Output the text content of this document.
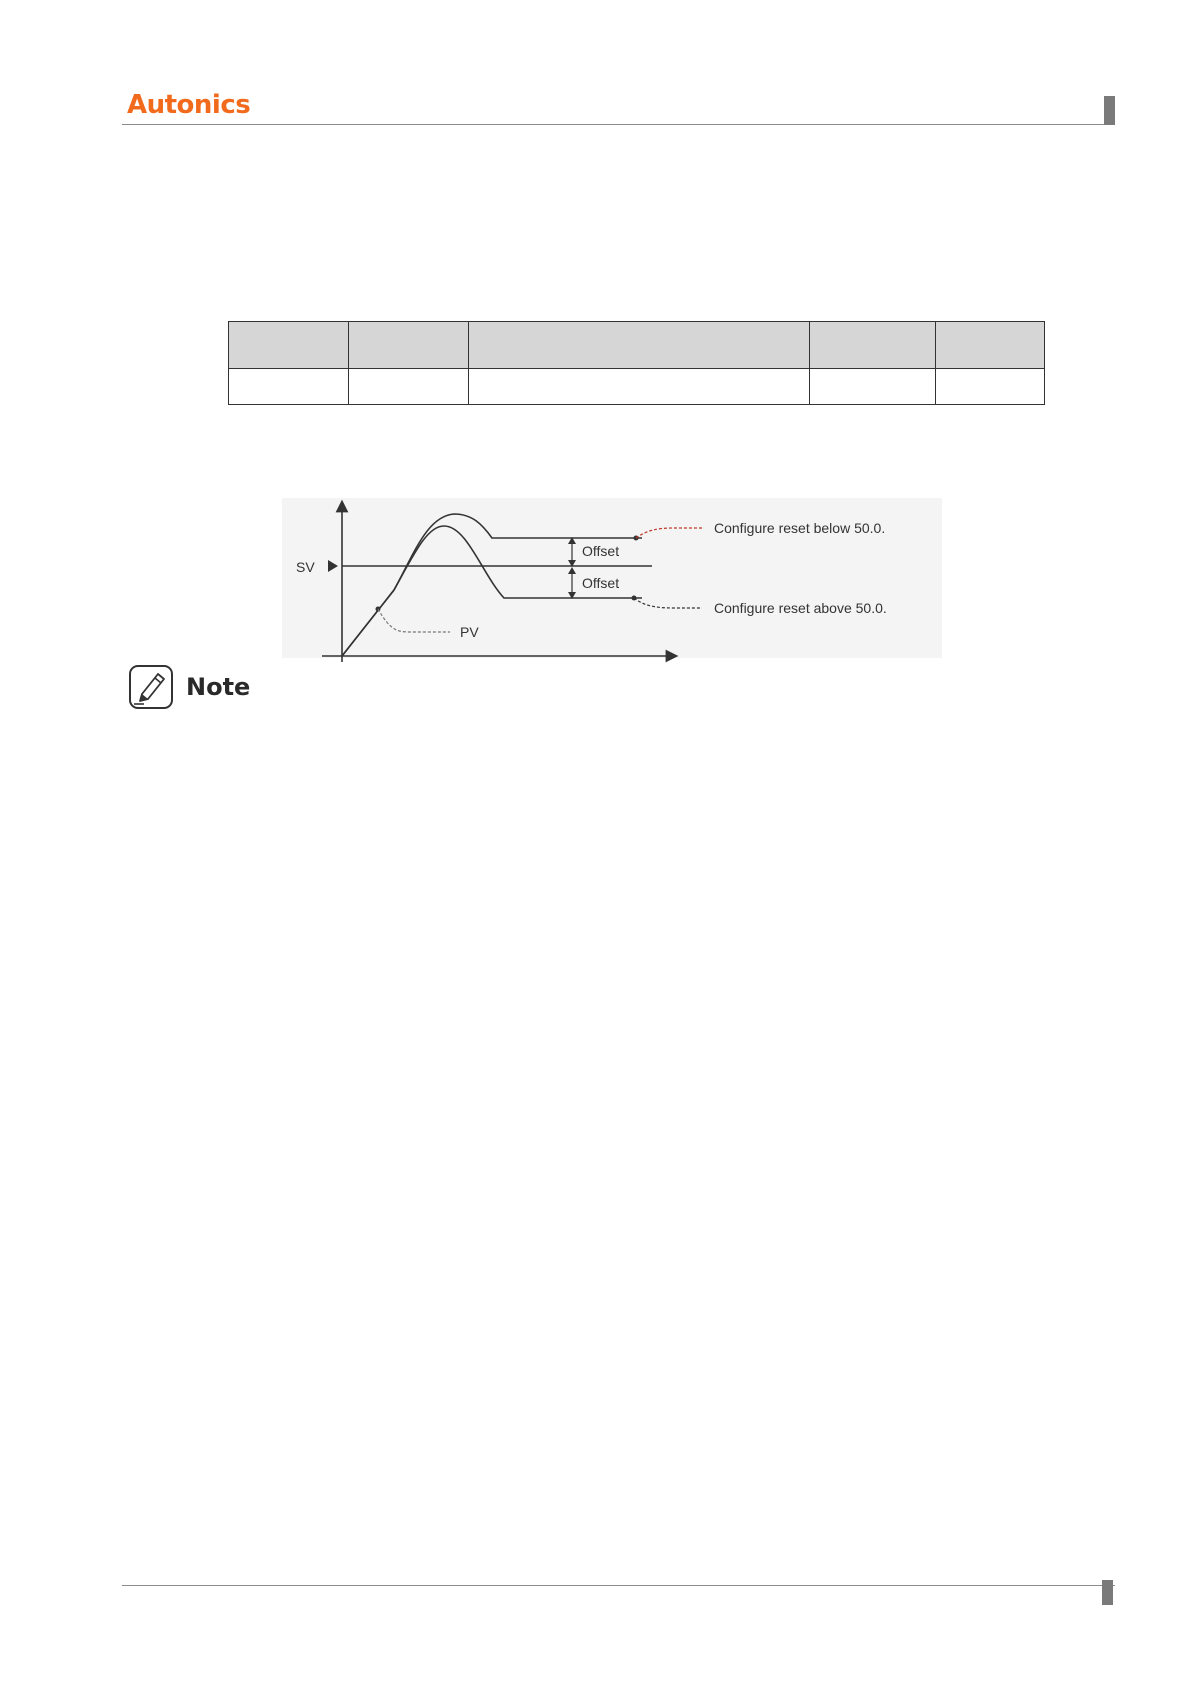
Autonics

SV
Offset
Offset
PV
Configure reset below 50.0.
Configure reset above 50.0.
Note
